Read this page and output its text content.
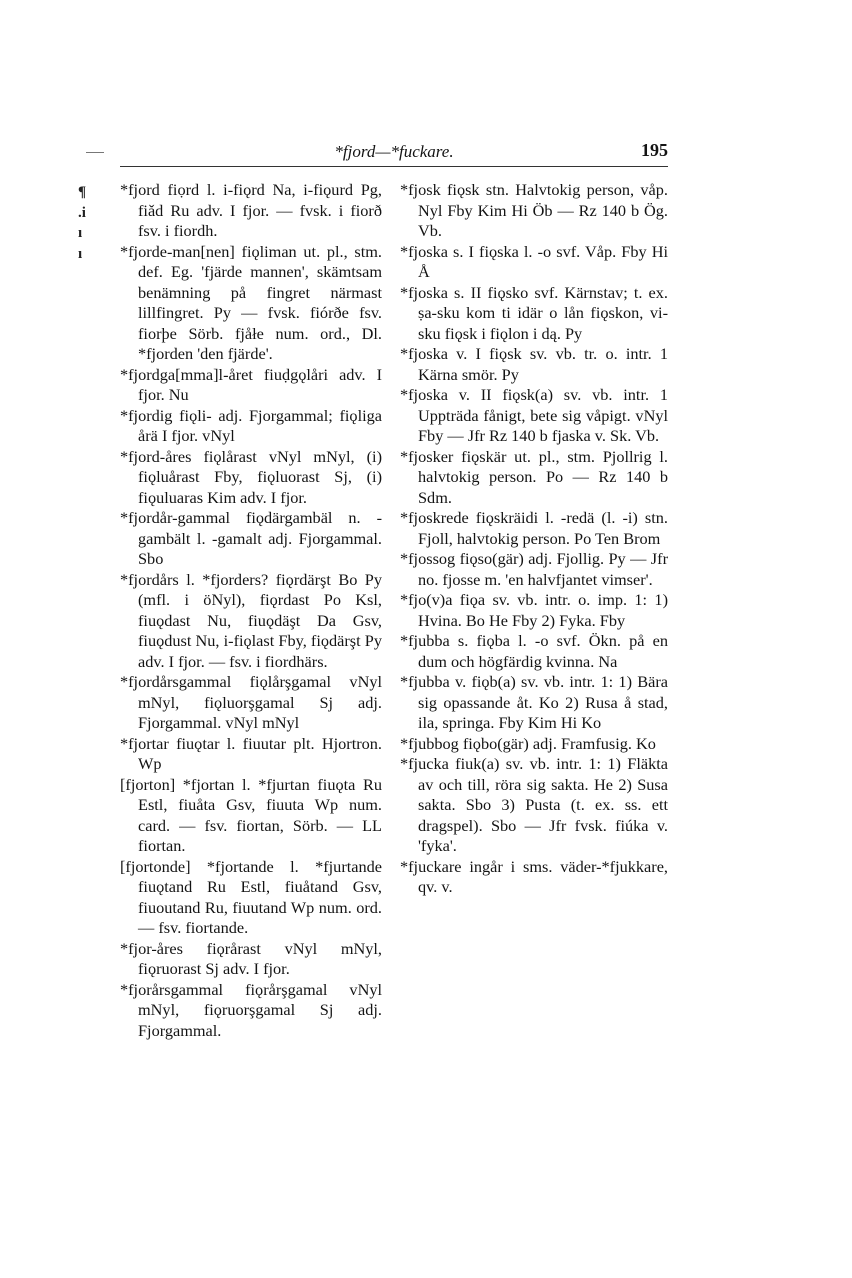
*fjord—*fuckare.	195
¶
.i
ı
ı

*fjord fiọrd l. i-fiǫrd Na, i-fiǫurd Pg, fiǎd Ru adv. I fjor. — fvsk. i fiorð fsv. i fiordh.

*fjorde-man[nen] fiǫliman ut. pl., stm. def. Eg. 'fjärde mannen', skämtsam benämning på fingret närmast lillfingret. Py — fvsk. fiórðe fsv. fiorþe Sörb. fjåłe num. ord., Dl. *fjorden 'den fjärde'.

*fjordga[mma]l-året fiuḍgǫlåri adv. I fjor. Nu

*fjordig fiǫli- adj. Fjorgammal; fiǫliga årä I fjor. vNyl

*fjord-åres fiǫlårast vNyl mNyl, (i) fiǫluårast Fby, fiǫluorast Sj, (i) fiǫuluaras Kim adv. I fjor.

*fjordår-gammal fiǫdärgambäl n. -gambält l. -gamalt adj. Fjorgammal. Sbo

*fjordårs l. *fjorders? fiǫrdärşt Bo Py (mfl. i öNyl), fiǫrdast Po Ksl, fiuǫdast Nu, fiuǫdäşt Da Gsv, fiuǫdust Nu, i-fiǫlast Fby, fiǫdärşt Py adv. I fjor. — fsv. i fiordhärs.

*fjordårsgammal fiǫlårşgamal vNyl mNyl, fiǫluorşgamal Sj adj. Fjorgammal. vNyl mNyl

*fjortar fiuǫtar l. fiuutar plt. Hjortron. Wp

[fjorton] *fjortan l. *fjurtan fiuǫta Ru Estl, fiuåta Gsv, fiuuta Wp num. card. — fsv. fiortan, Sörb. — LL fiortan.

[fjortonde] *fjortande l. *fjurtande fiuǫtand Ru Estl, fiuåtand Gsv, fiuoutand Ru, fiuutand Wp num. ord. — fsv. fiortande.

*fjor-åres fiǫrårast vNyl mNyl, fiǫruorast Sj adv. I fjor.

*fjorårsgammal fiǫrårşgamal vNyl mNyl, fiǫruorşgamal Sj adj. Fjorgammal.

*fjosk fiǫsk stn. Halvtokig person, våp. Nyl Fby Kim Hi Öb — Rz 140 b Ög. Vb.

*fjoska s. I fiǫska l. -o svf. Våp. Fby Hi Å

*fjoska s. II fiǫsko svf. Kärnstav; t. ex. ṣa-sku kom ti idär o lån fiǫskon, vi-sku fiǫsk i fiǫlon i dą. Py

*fjoska v. I fiǫsk sv. vb. tr. o. intr. 1 Kärna smör. Py

*fjoska v. II fiǫsk(a) sv. vb. intr. 1 Uppträda fånigt, bete sig våpigt. vNyl Fby — Jfr Rz 140 b fjaska v. Sk. Vb.

*fjosker fiǫskär ut. pl., stm. Pjollrig l. halvtokig person. Po — Rz 140 b Sdm.

*fjoskrede fiǫskräidi l. -redä (l. -i) stn. Fjoll, halvtokig person. Po Ten Brom

*fjossog fiǫso(gär) adj. Fjollig. Py — Jfr no. fjosse m. 'en halvfjantet vimser'.

*fjo(v)a fiǫa sv. vb. intr. o. imp. 1: 1) Hvina. Bo He Fby 2) Fyka. Fby

*fjubba s. fiǫba l. -o svf. Ökn. på en dum och högfärdig kvinna. Na

*fjubba v. fiǫb(a) sv. vb. intr. 1: 1) Bära sig opassande åt. Ko 2) Rusa å stad, ila, springa. Fby Kim Hi Ko

*fjubbog fiǫbo(gär) adj. Framfusig. Ko

*fjucka fiuk(a) sv. vb. intr. 1: 1) Fläkta av och till, röra sig sakta. He 2) Susa sakta. Sbo 3) Pusta (t. ex. ss. ett dragspel). Sbo — Jfr fvsk. fiúka v. 'fyka'.

*fjuckare ingår i sms. väder-*fjukkare, qv. v.
